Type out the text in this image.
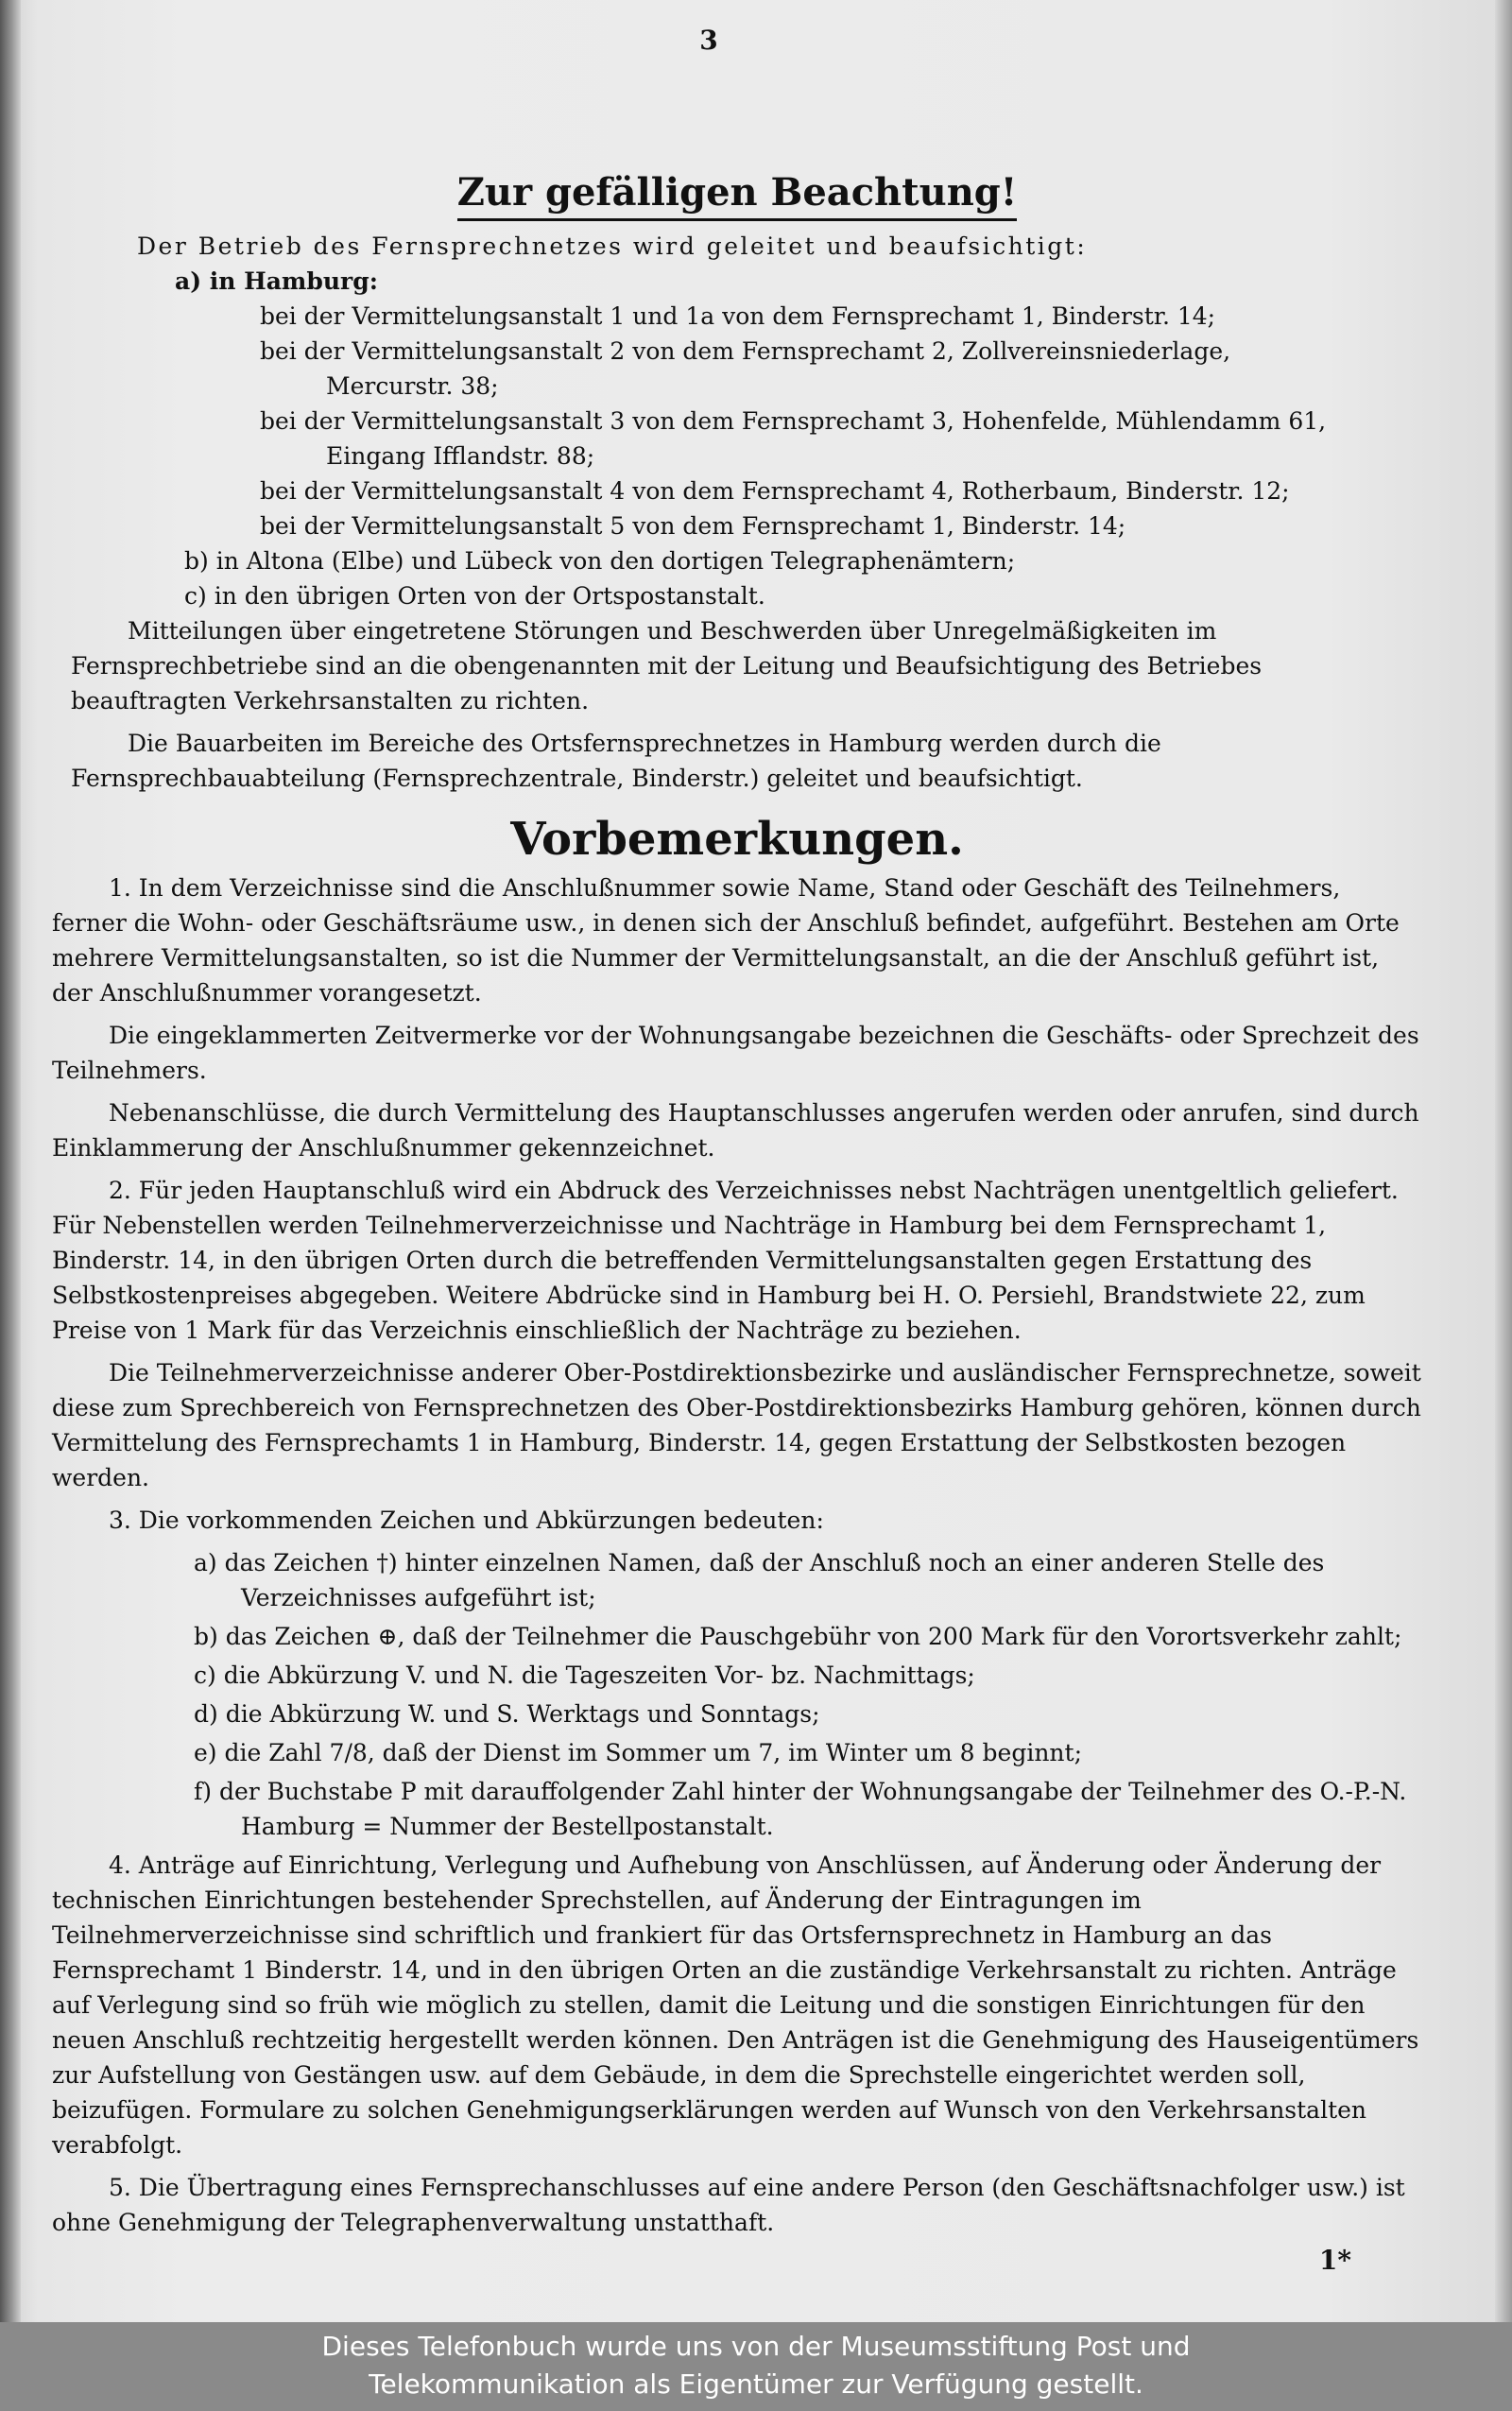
3
Zur gefälligen Beachtung!

Der Betrieb des Fernsprechnetzes wird geleitet und beaufsichtigt:

a) in Hamburg:

bei der Vermittelungsanstalt 1 und 1a von dem Fernsprechamt 1, Binderstr. 14;

bei der Vermittelungsanstalt 2 von dem Fernsprechamt 2, Zollvereinsniederlage,

Mercurstr. 38;

bei der Vermittelungsanstalt 3 von dem Fernsprechamt 3, Hohenfelde, Mühlendamm 61,

Eingang Ifflandstr. 88;

bei der Vermittelungsanstalt 4 von dem Fernsprechamt 4, Rotherbaum, Binderstr. 12;

bei der Vermittelungsanstalt 5 von dem Fernsprechamt 1, Binderstr. 14;

b) in Altona (Elbe) und Lübeck von den dortigen Telegraphenämtern;

c) in den übrigen Orten von der Ortspostanstalt.

Mitteilungen über eingetretene Störungen und Beschwerden über Unregelmäßigkeiten im Fernsprechbetriebe sind an die obengenannten mit der Leitung und Beaufsichtigung des Betriebes beauftragten Verkehrsanstalten zu richten.

Die Bauarbeiten im Bereiche des Ortsfernsprechnetzes in Hamburg werden durch die Fernsprechbauabteilung (Fernsprechzentrale, Binderstr.) geleitet und beaufsichtigt.

Vorbemerkungen.

1. In dem Verzeichnisse sind die Anschlußnummer sowie Name, Stand oder Geschäft des Teilnehmers, ferner die Wohn- oder Geschäftsräume usw., in denen sich der Anschluß befindet, aufgeführt. Bestehen am Orte mehrere Vermittelungsanstalten, so ist die Nummer der Vermittelungsanstalt, an die der Anschluß geführt ist, der Anschlußnummer vorangesetzt.

Die eingeklammerten Zeitvermerke vor der Wohnungsangabe bezeichnen die Geschäfts- oder Sprechzeit des Teilnehmers.

Nebenanschlüsse, die durch Vermittelung des Hauptanschlusses angerufen werden oder anrufen, sind durch Einklammerung der Anschlußnummer gekennzeichnet.

2. Für jeden Hauptanschluß wird ein Abdruck des Verzeichnisses nebst Nachträgen unentgeltlich geliefert. Für Nebenstellen werden Teilnehmerverzeichnisse und Nachträge in Hamburg bei dem Fernsprechamt 1, Binderstr. 14, in den übrigen Orten durch die betreffenden Vermittelungsanstalten gegen Erstattung des Selbstkostenpreises abgegeben. Weitere Abdrücke sind in Hamburg bei H. O. Persiehl, Brandstwiete 22, zum Preise von 1 Mark für das Verzeichnis einschließlich der Nachträge zu beziehen.

Die Teilnehmerverzeichnisse anderer Ober-Postdirektionsbezirke und ausländischer Fernsprechnetze, soweit diese zum Sprechbereich von Fernsprechnetzen des Ober-Postdirektionsbezirks Hamburg gehören, können durch Vermittelung des Fernsprechamts 1 in Hamburg, Binderstr. 14, gegen Erstattung der Selbstkosten bezogen werden.

3. Die vorkommenden Zeichen und Abkürzungen bedeuten:

a) das Zeichen †) hinter einzelnen Namen, daß der Anschluß noch an einer anderen Stelle des Verzeichnisses aufgeführt ist;

b) das Zeichen ⊕, daß der Teilnehmer die Pauschgebühr von 200 Mark für den Vorortsverkehr zahlt;

c) die Abkürzung V. und N. die Tageszeiten Vor- bz. Nachmittags;

d) die Abkürzung W. und S. Werktags und Sonntags;

e) die Zahl 7/8, daß der Dienst im Sommer um 7, im Winter um 8 beginnt;

f) der Buchstabe P mit darauffolgender Zahl hinter der Wohnungsangabe der Teilnehmer des O.-P.-N. Hamburg = Nummer der Bestellpostanstalt.

4. Anträge auf Einrichtung, Verlegung und Aufhebung von Anschlüssen, auf Änderung oder Änderung der technischen Einrichtungen bestehender Sprechstellen, auf Änderung der Eintragungen im Teilnehmerverzeichnisse sind schriftlich und frankiert für das Ortsfernsprechnetz in Hamburg an das Fernsprechamt 1 Binderstr. 14, und in den übrigen Orten an die zuständige Verkehrsanstalt zu richten. Anträge auf Verlegung sind so früh wie möglich zu stellen, damit die Leitung und die sonstigen Einrichtungen für den neuen Anschluß rechtzeitig hergestellt werden können. Den Anträgen ist die Genehmigung des Hauseigentümers zur Aufstellung von Gestängen usw. auf dem Gebäude, in dem die Sprechstelle eingerichtet werden soll, beizufügen. Formulare zu solchen Genehmigungserklärungen werden auf Wunsch von den Verkehrsanstalten verabfolgt.

5. Die Übertragung eines Fernsprechanschlusses auf eine andere Person (den Geschäftsnachfolger usw.) ist ohne Genehmigung der Telegraphenverwaltung unstatthaft.

1*
Dieses Telefonbuch wurde uns von der Museumsstiftung Post und
Telekommunikation als Eigentümer zur Verfügung gestellt.
